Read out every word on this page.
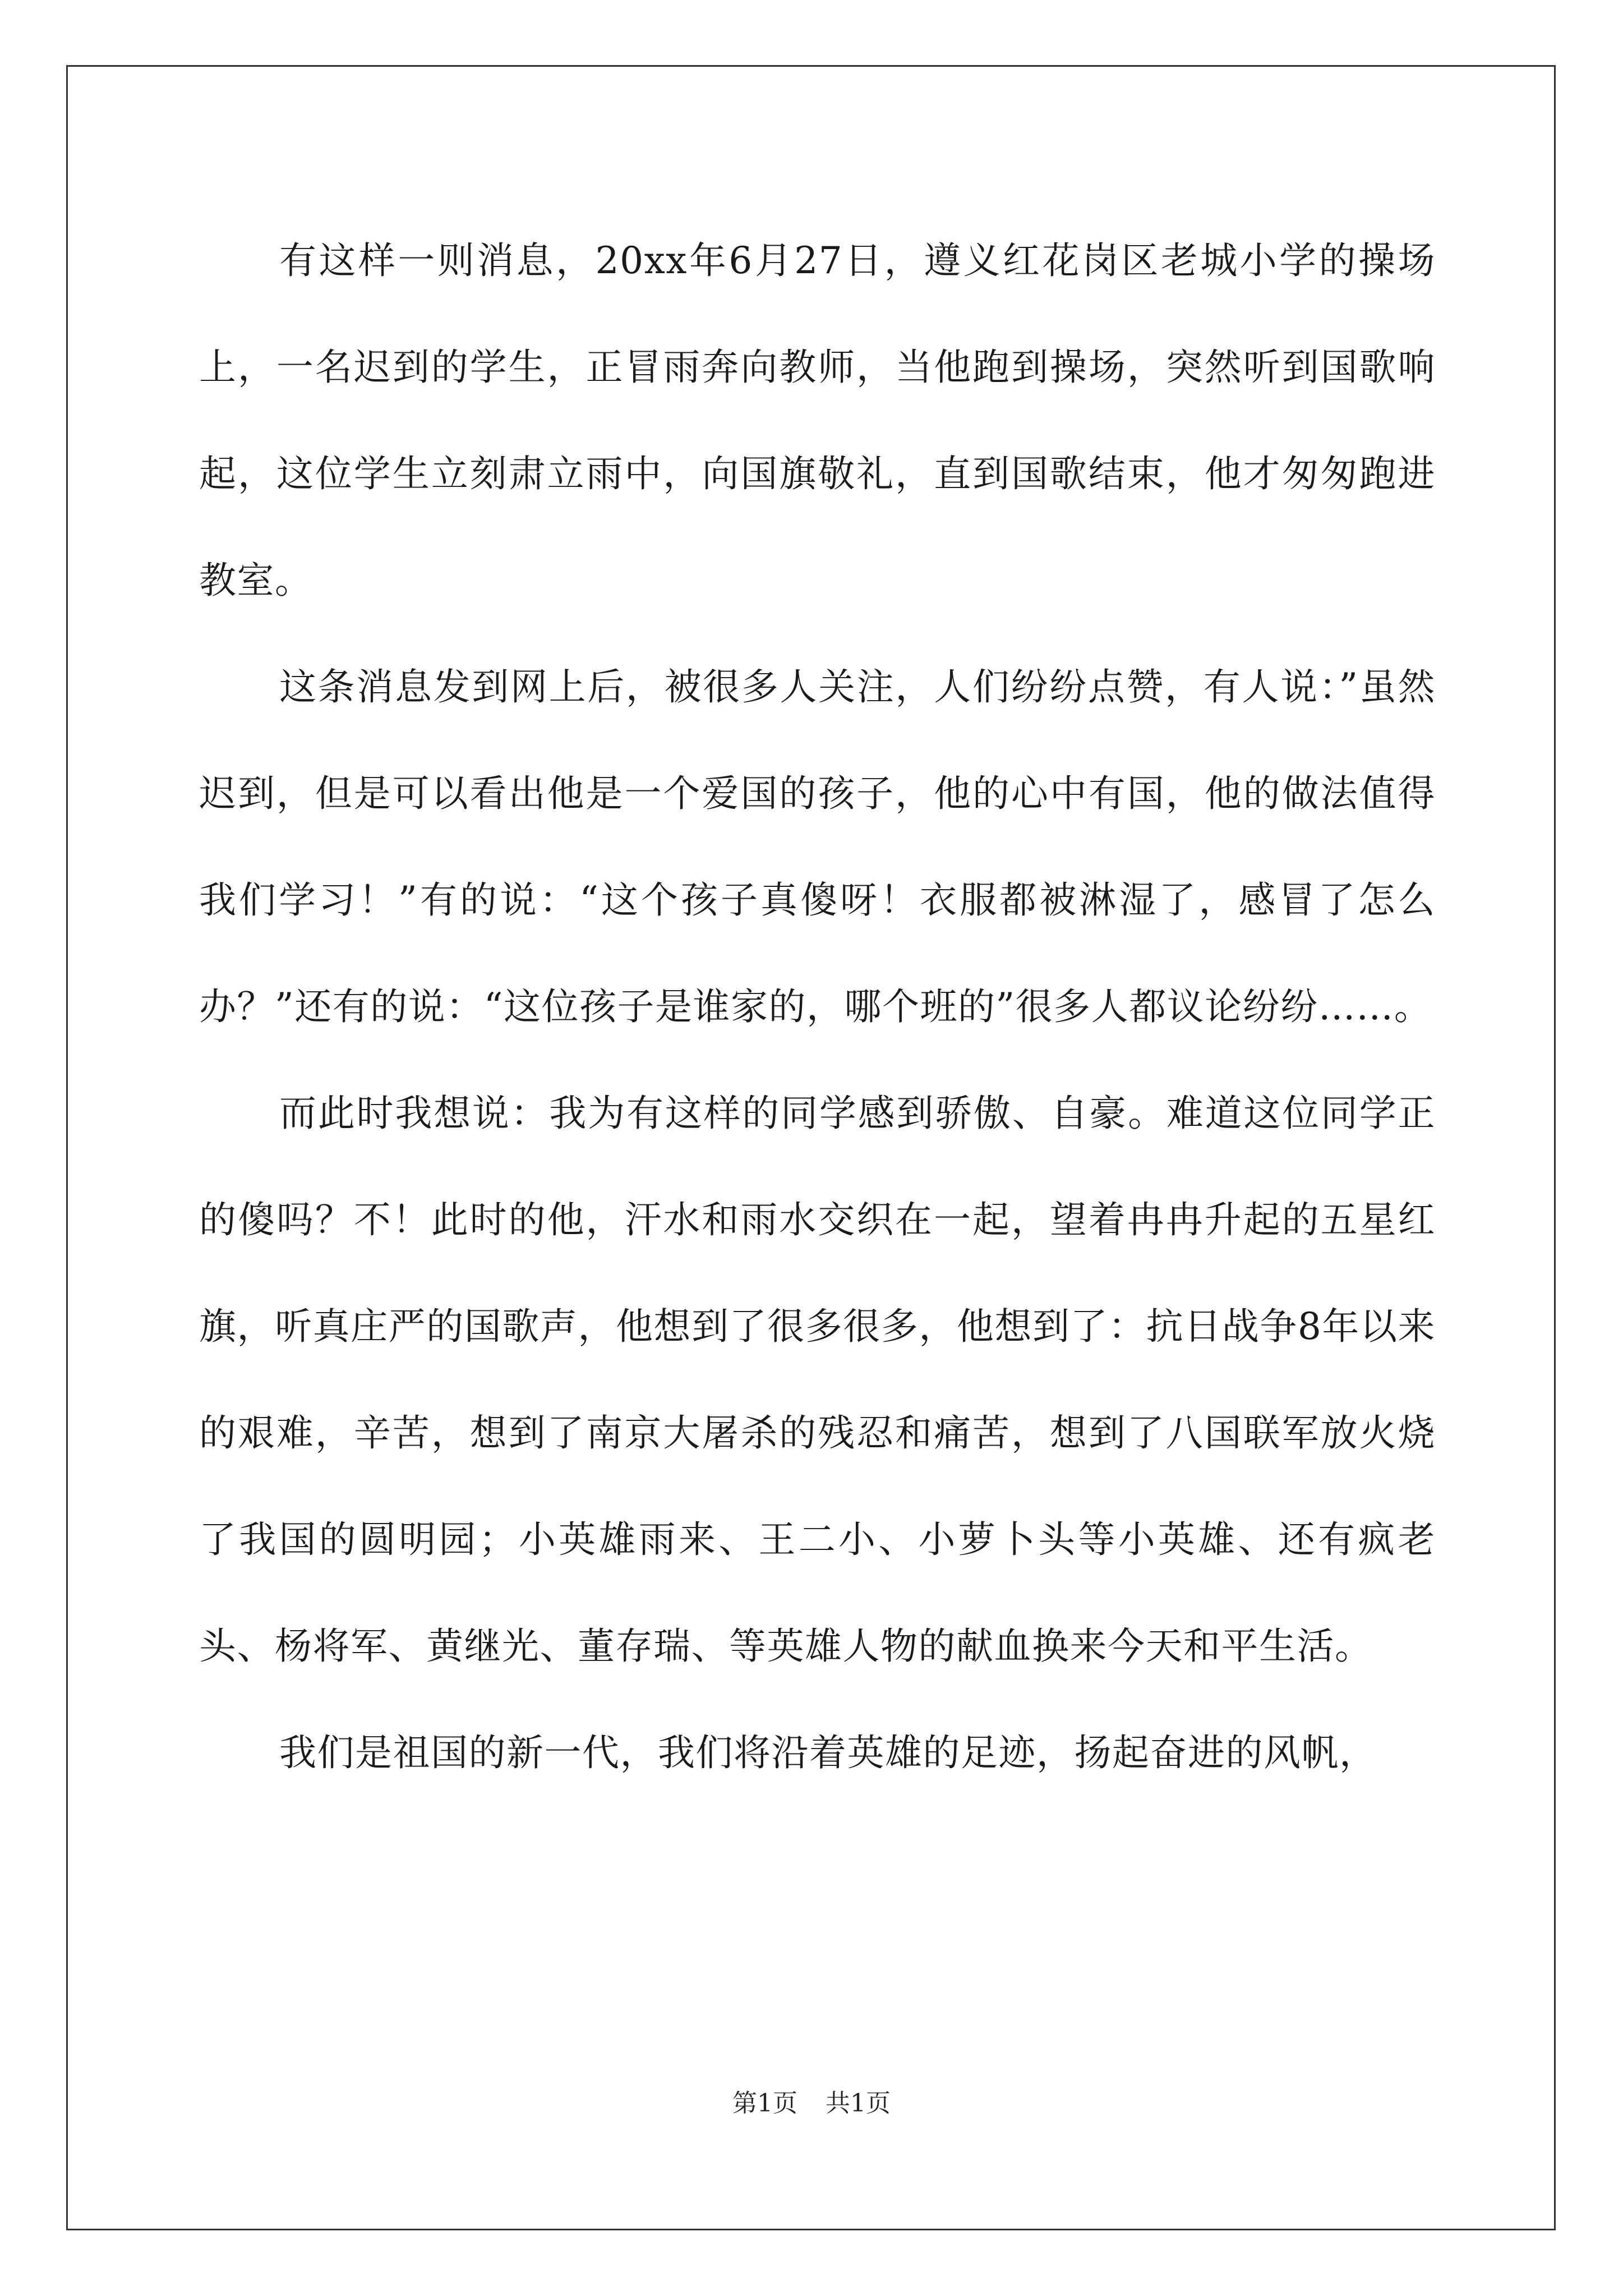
有这样一则消息，20xx年6月27日，遵义红花岗区老城小学的操场上，一名迟到的学生，正冒雨奔向教师，当他跑到操场，突然听到国歌响起，这位学生立刻肃立雨中，向国旗敬礼，直到国歌结束，他才匆匆跑进教室。

这条消息发到网上后，被很多人关注，人们纷纷点赞，有人说：”虽然迟到，但是可以看出他是一个爱国的孩子，他的心中有国，他的做法值得我们学习！”有的说：“这个孩子真傻呀！衣服都被淋湿了，感冒了怎么办？”还有的说：“这位孩子是谁家的，哪个班的”很多人都议论纷纷……。

而此时我想说：我为有这样的同学感到骄傲、自豪。难道这位同学正的傻吗？不！此时的他，汗水和雨水交织在一起，望着冉冉升起的五星红旗，听真庄严的国歌声，他想到了很多很多，他想到了：抗日战争8年以来的艰难，辛苦，想到了南京大屠杀的残忍和痛苦，想到了八国联军放火烧了我国的圆明园；小英雄雨来、王二小、小萝卜头等小英雄、还有疯老头、杨将军、黄继光、董存瑞、等英雄人物的献血换来今天和平生活。

我们是祖国的新一代，我们将沿着英雄的足迹，扬起奋进的风帆，

第1页 共1页
